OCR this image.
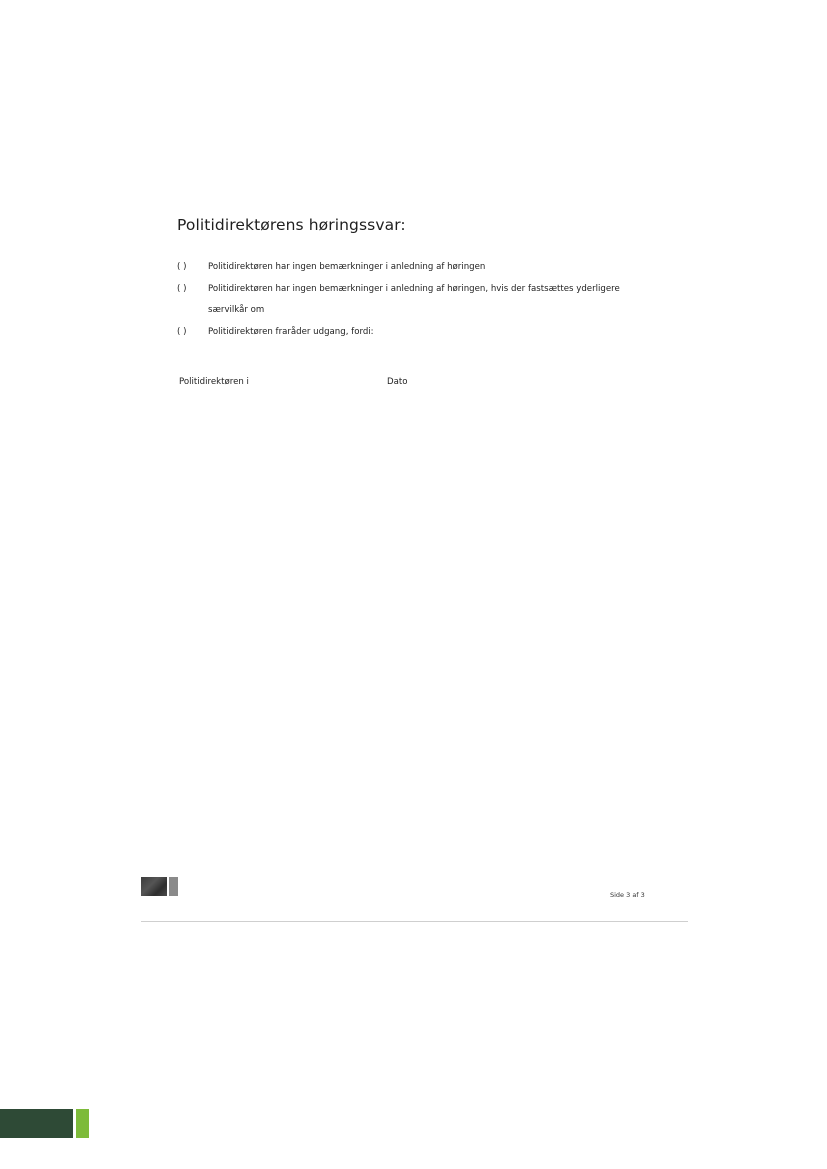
Politidirektørens høringssvar:
( )	Politidirektøren har ingen bemærkninger i anledning af høringen
( )	Politidirektøren har ingen bemærkninger i anledning af høringen, hvis der fastsættes yderligere
særvilkår om
( )	Politidirektøren fraråder udgang, fordi:
Politidirektøren i	Dato
Side 3 af 3
